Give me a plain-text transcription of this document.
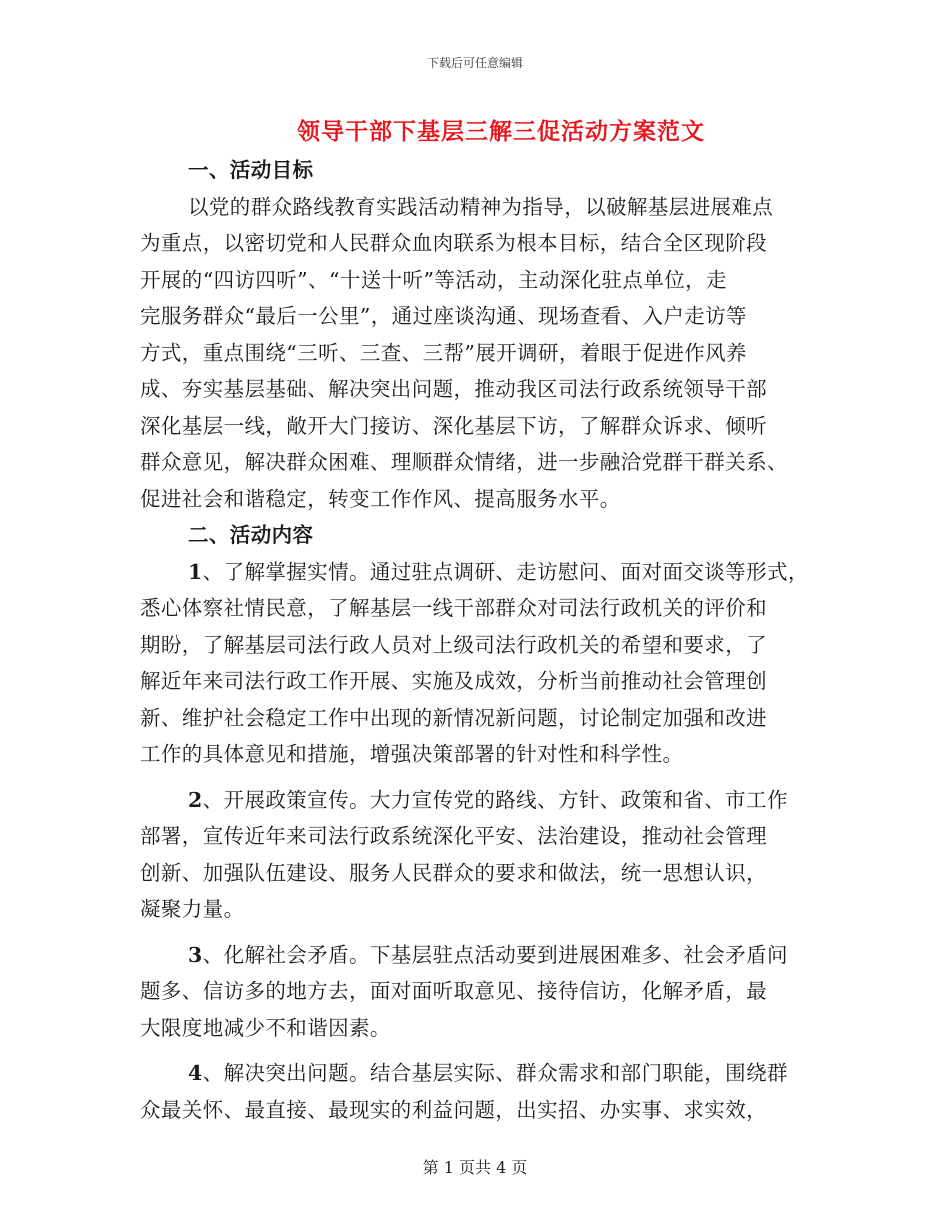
下载后可任意编辑
领导干部下基层三解三促活动方案范文
一、活动目标
以党的群众路线教育实践活动精神为指导，以破解基层进展难点
为重点，以密切党和人民群众血肉联系为根本目标，结合全区现阶段
开展的“四访四听”、“十送十听”等活动，主动深化驻点单位，走
完服务群众“最后一公里”，通过座谈沟通、现场查看、入户走访等
方式，重点围绕“三听、三查、三帮”展开调研，着眼于促进作风养
成、夯实基层基础、解决突出问题，推动我区司法行政系统领导干部
深化基层一线，敞开大门接访、深化基层下访，了解群众诉求、倾听
群众意见，解决群众困难、理顺群众情绪，进一步融洽党群干群关系、
促进社会和谐稳定，转变工作作风、提高服务水平。
二、活动内容
1、了解掌握实情。通过驻点调研、走访慰问、面对面交谈等形式，
悉心体察社情民意，了解基层一线干部群众对司法行政机关的评价和
期盼，了解基层司法行政人员对上级司法行政机关的希望和要求，了
解近年来司法行政工作开展、实施及成效，分析当前推动社会管理创
新、维护社会稳定工作中出现的新情况新问题，讨论制定加强和改进
工作的具体意见和措施，增强决策部署的针对性和科学性。
2、开展政策宣传。大力宣传党的路线、方针、政策和省、市工作
部署，宣传近年来司法行政系统深化平安、法治建设，推动社会管理
创新、加强队伍建设、服务人民群众的要求和做法，统一思想认识，
凝聚力量。
3、化解社会矛盾。下基层驻点活动要到进展困难多、社会矛盾问
题多、信访多的地方去，面对面听取意见、接待信访，化解矛盾，最
大限度地减少不和谐因素。
4、解决突出问题。结合基层实际、群众需求和部门职能，围绕群
众最关怀、最直接、最现实的利益问题，出实招、办实事、求实效，
第 1 页共 4 页
